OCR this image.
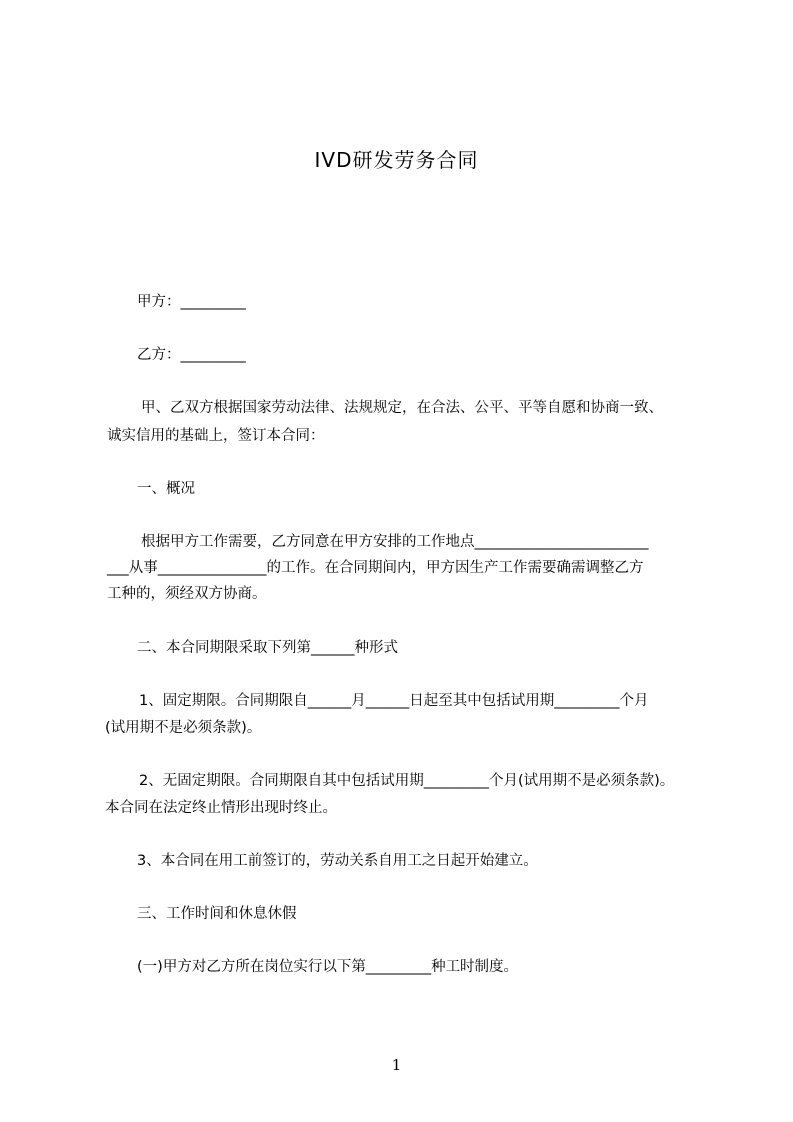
IVD研发劳务合同
甲方：_________
乙方：_________
甲、乙双方根据国家劳动法律、法规规定，在合法、公平、平等自愿和协商一致、
诚实信用的基础上，签订本合同：
一、概况
根据甲方工作需要，乙方同意在甲方安排的工作地点________________________
___从事_______________的工作。在合同期间内，甲方因生产工作需要确需调整乙方
工种的，须经双方协商。
二、本合同期限采取下列第______种形式
1、固定期限。合同期限自______月______日起至其中包括试用期_________个月
(试用期不是必须条款)。
2、无固定期限。合同期限自其中包括试用期_________个月(试用期不是必须条款)。
本合同在法定终止情形出现时终止。
3、本合同在用工前签订的，劳动关系自用工之日起开始建立。
三、工作时间和休息休假
(一)甲方对乙方所在岗位实行以下第_________种工时制度。
1
